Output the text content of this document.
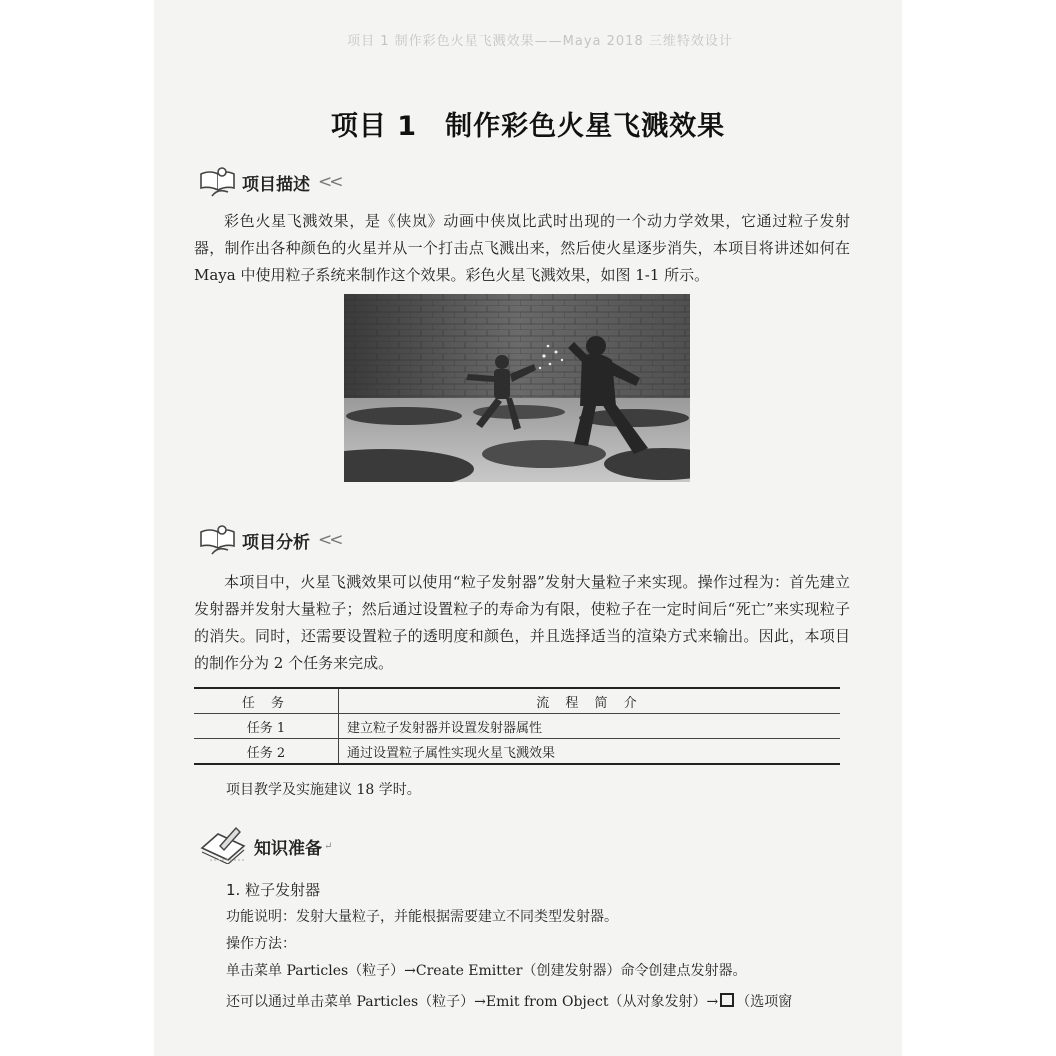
项目 1 制作彩色火星飞溅效果——Maya 2018 三维特效设计
项目 1 制作彩色火星飞溅效果
项目描述 <<

彩色火星飞溅效果，是《侠岚》动画中侠岚比武时出现的一个动力学效果，它通过粒子发射器，制作出各种颜色的火星并从一个打击点飞溅出来，然后使火星逐步消失，本项目将讲述如何在 Maya 中使用粒子系统来制作这个效果。彩色火星飞溅效果，如图 1-1 所示。

项目分析 <<

本项目中，火星飞溅效果可以使用“粒子发射器”发射大量粒子来实现。操作过程为：首先建立发射器并发射大量粒子；然后通过设置粒子的寿命为有限，使粒子在一定时间后“死亡”来实现粒子的消失。同时，还需要设置粒子的透明度和颜色，并且选择适当的渲染方式来输出。因此，本项目的制作分为 2 个任务来完成。

任 务	流 程 简 介
任务 1	建立粒子发射器并设置发射器属性
任务 2	通过设置粒子属性实现火星飞溅效果
项目教学及实施建议 18 学时。
知识准备 ↵
1. 粒子发射器
功能说明：发射大量粒子，并能根据需要建立不同类型发射器。
操作方法：
单击菜单 Particles（粒子）→Create Emitter（创建发射器）命令创建点发射器。
还可以通过单击菜单 Particles（粒子）→Emit from Object（从对象发射）→ （选项窗
